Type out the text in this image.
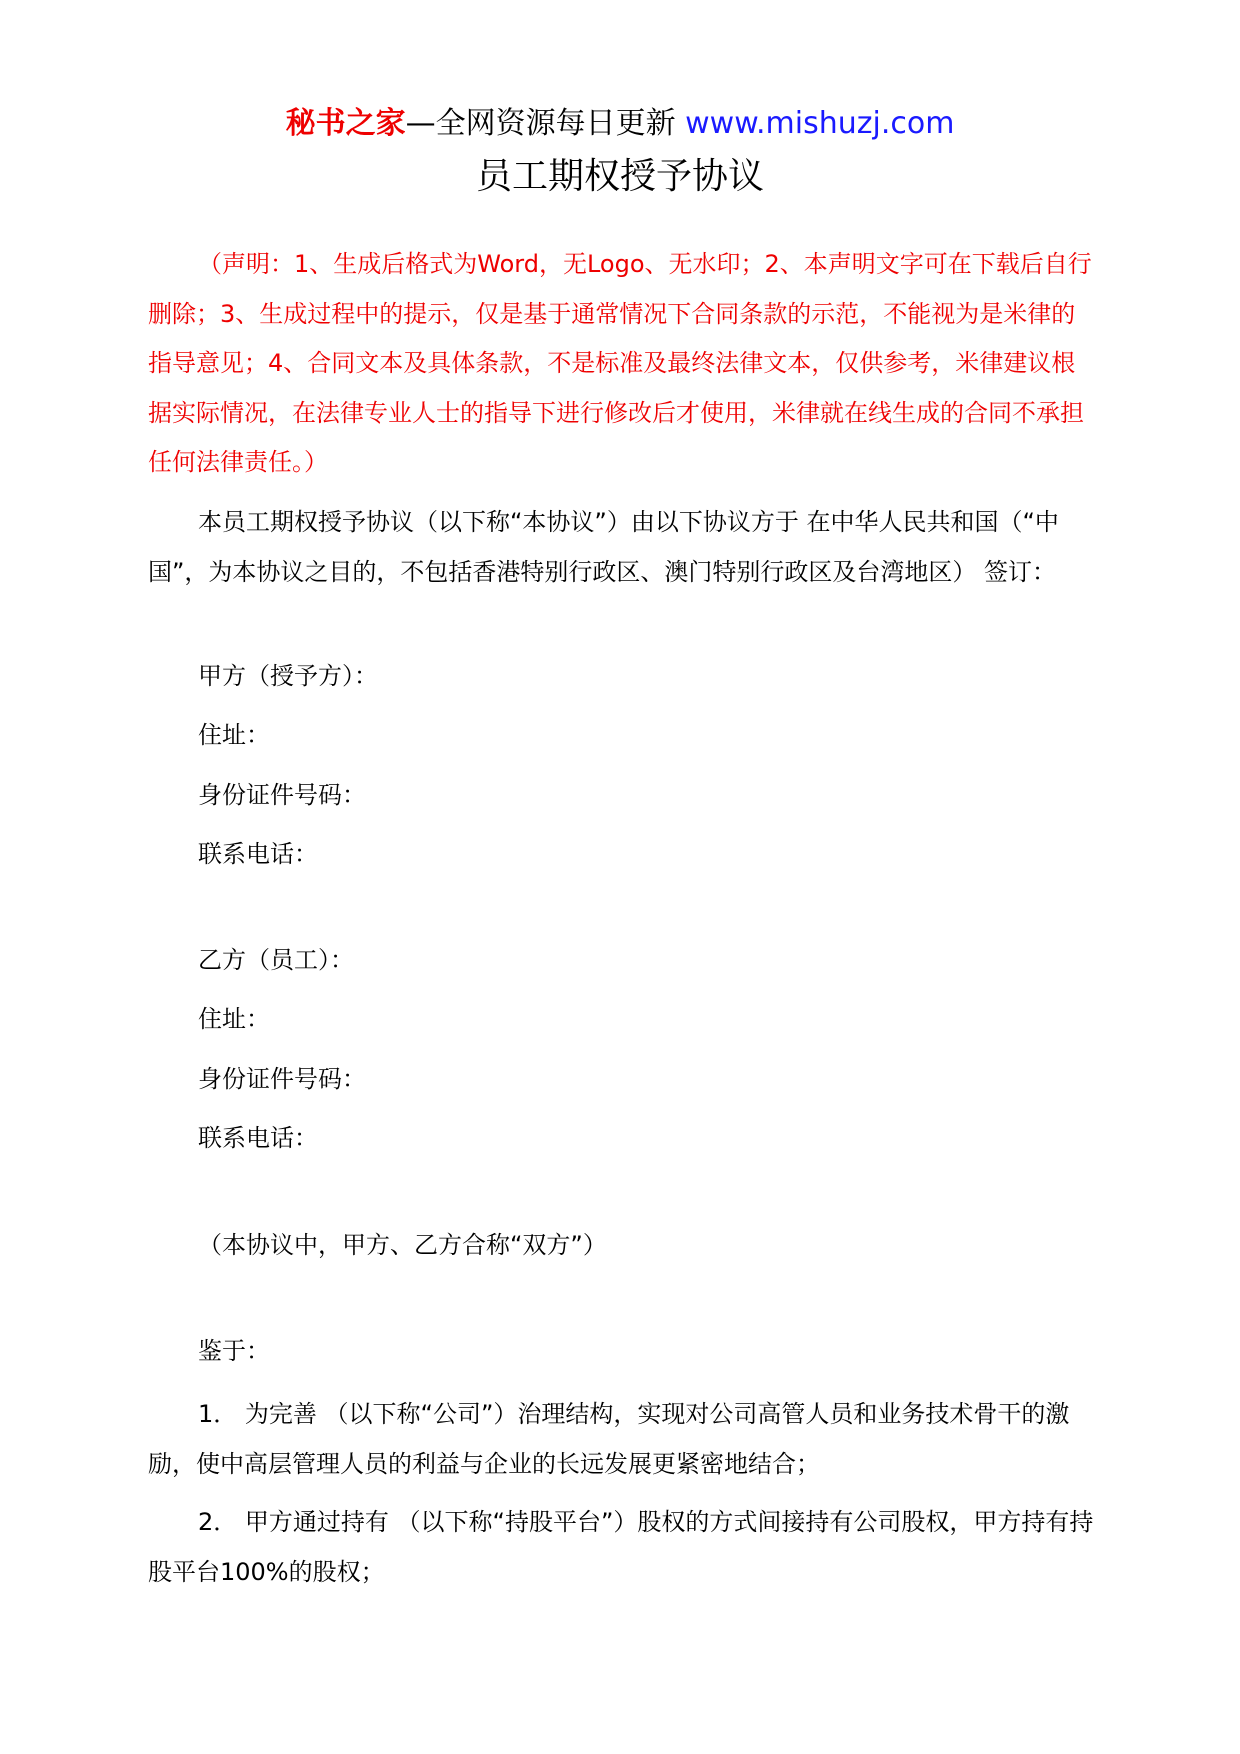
秘书之家—全网资源每日更新 www.mishuzj.com
员工期权授予协议

（声明：1、生成后格式为Word，无Logo、无水印；2、本声明文字可在下载后自行删除；3、生成过程中的提示，仅是基于通常情况下合同条款的示范，不能视为是米律的指导意见；4、合同文本及具体条款，不是标准及最终法律文本，仅供参考，米律建议根据实际情况，在法律专业人士的指导下进行修改后才使用，米律就在线生成的合同不承担任何法律责任。）

本员工期权授予协议（以下称“本协议”）由以下协议方于 在中华人民共和国（“中国”，为本协议之目的，不包括香港特别行政区、澳门特别行政区及台湾地区） 签订：

甲方（授予方）：
住址：
身份证件号码：
联系电话：
乙方（员工）：
住址：
身份证件号码：
联系电话：
（本协议中，甲方、乙方合称“双方”）
鉴于：

1． 为完善 （以下称“公司”）治理结构，实现对公司高管人员和业务技术骨干的激励，使中高层管理人员的利益与企业的长远发展更紧密地结合；

2． 甲方通过持有 （以下称“持股平台”）股权的方式间接持有公司股权，甲方持有持股平台100%的股权；
